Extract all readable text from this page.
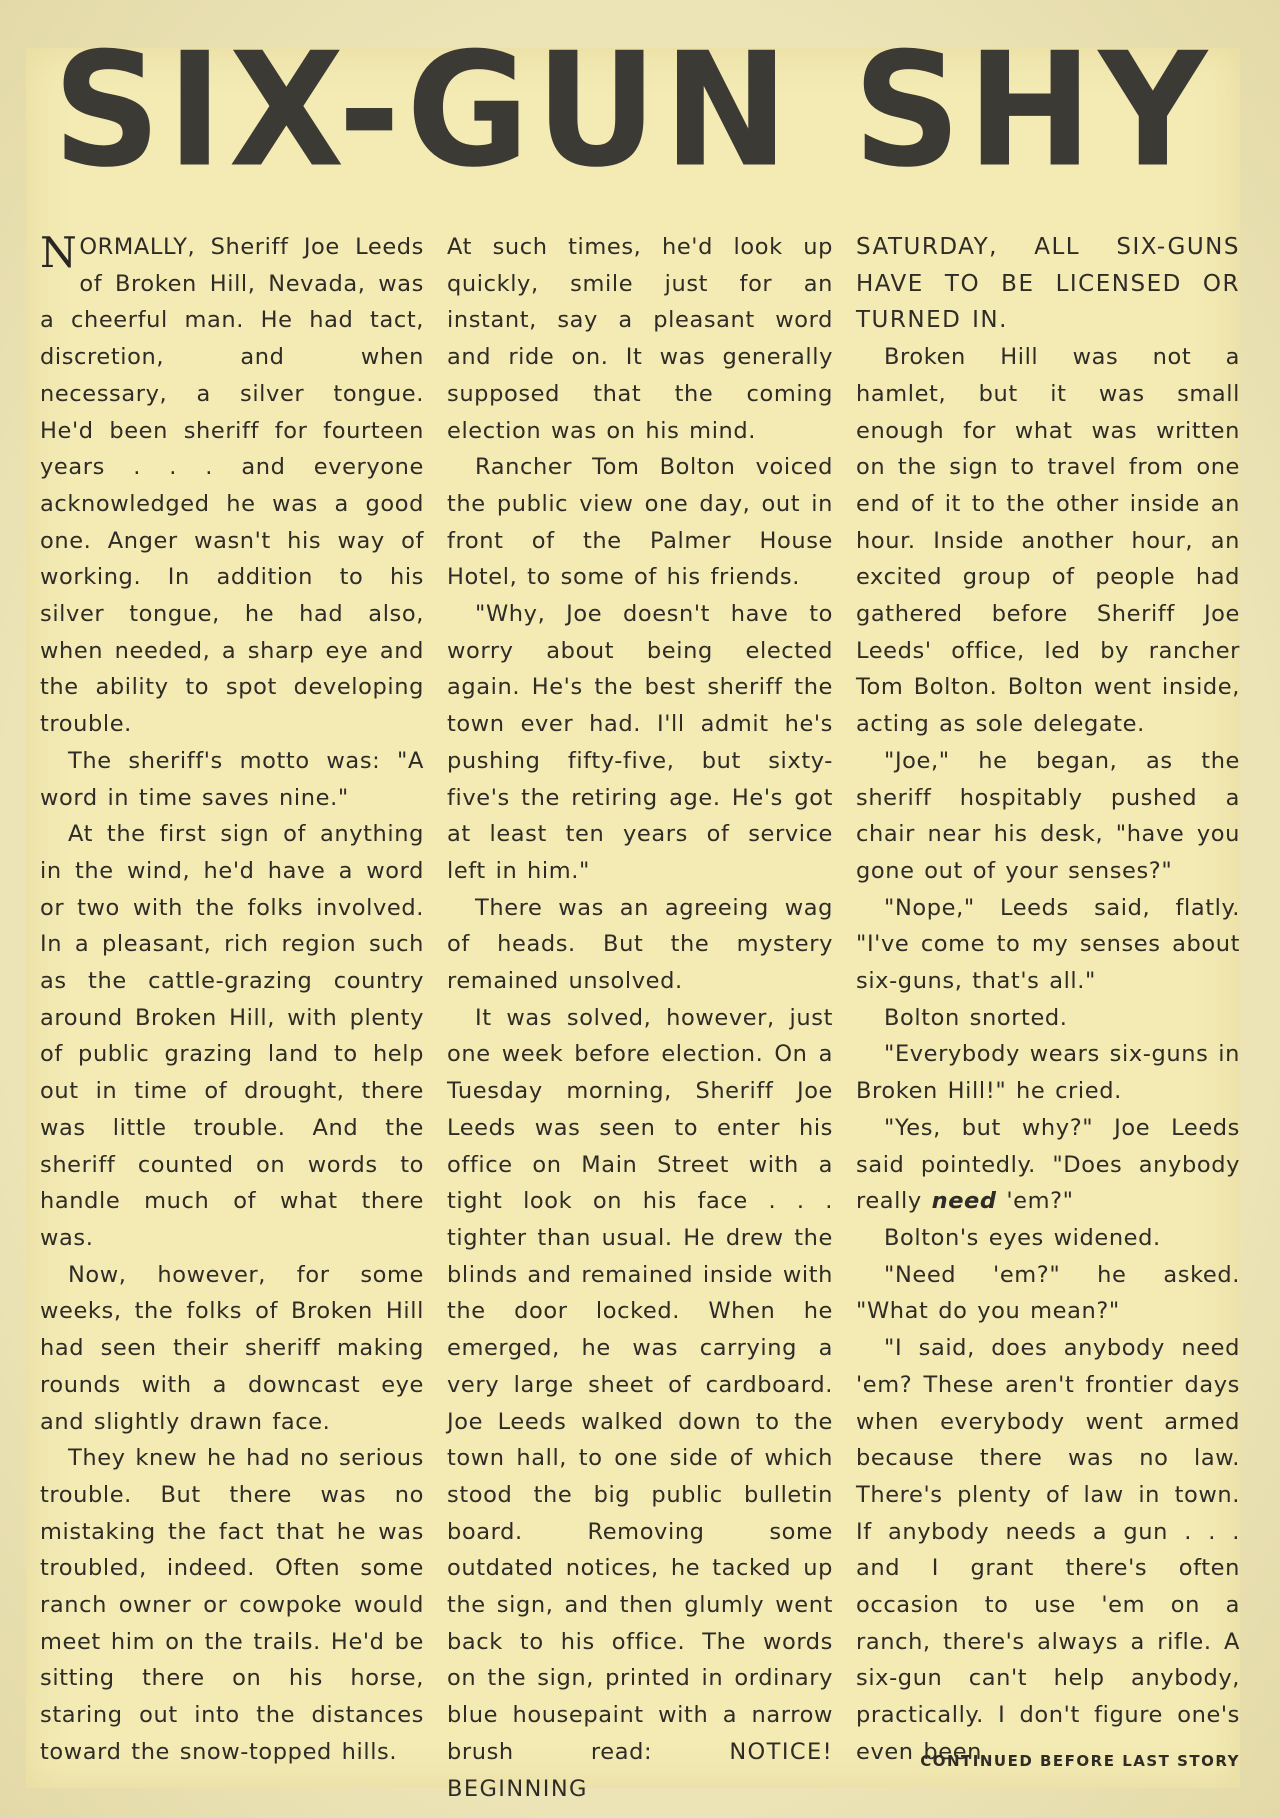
SIX-GUN SHY

NORMALLY, Sheriff Joe Leeds of Broken Hill, Nevada, was a cheerful man. He had tact, discretion, and when necessary, a silver tongue. He'd been sheriff for fourteen years . . . and everyone acknowledged he was a good one. Anger wasn't his way of working. In addition to his silver tongue, he had also, when needed, a sharp eye and the ability to spot developing trouble.

The sheriff's motto was: "A word in time saves nine."

At the first sign of anything in the wind, he'd have a word or two with the folks involved. In a pleasant, rich region such as the cattle-grazing country around Broken Hill, with plenty of public grazing land to help out in time of drought, there was little trouble. And the sheriff counted on words to handle much of what there was.

Now, however, for some weeks, the folks of Broken Hill had seen their sheriff making rounds with a downcast eye and slightly drawn face.

They knew he had no serious trouble. But there was no mistaking the fact that he was troubled, indeed. Often some ranch owner or cowpoke would meet him on the trails. He'd be sitting there on his horse, staring out into the distances toward the snow-topped hills.

At such times, he'd look up quickly, smile just for an instant, say a pleasant word and ride on. It was generally supposed that the coming election was on his mind.

Rancher Tom Bolton voiced the public view one day, out in front of the Palmer House Hotel, to some of his friends.

"Why, Joe doesn't have to worry about being elected again. He's the best sheriff the town ever had. I'll admit he's pushing fifty-five, but sixty-five's the retiring age. He's got at least ten years of service left in him."

There was an agreeing wag of heads. But the mystery remained unsolved.

It was solved, however, just one week before election. On a Tuesday morning, Sheriff Joe Leeds was seen to enter his office on Main Street with a tight look on his face . . . tighter than usual. He drew the blinds and remained inside with the door locked. When he emerged, he was carrying a very large sheet of cardboard. Joe Leeds walked down to the town hall, to one side of which stood the big public bulletin board. Removing some outdated notices, he tacked up the sign, and then glumly went back to his office. The words on the sign, printed in ordinary blue housepaint with a narrow brush read:	NOTICE! BEGINNING

SATURDAY, ALL SIX-GUNS HAVE TO BE LICENSED OR TURNED IN.

Broken Hill was not a hamlet, but it was small enough for what was written on the sign to travel from one end of it to the other inside an hour. Inside another hour, an excited group of people had gathered before Sheriff Joe Leeds' office, led by rancher Tom Bolton. Bolton went inside, acting as sole delegate.

"Joe," he began, as the sheriff hospitably pushed a chair near his desk, "have you gone out of your senses?"

"Nope," Leeds said, flatly. "I've come to my senses about six-guns, that's all."

Bolton snorted.

"Everybody wears six-guns in Broken Hill!" he cried.

"Yes, but why?" Joe Leeds said pointedly. "Does anybody really need 'em?"

Bolton's eyes widened.

"Need 'em?" he asked. "What do you mean?"

"I said, does anybody need 'em? These aren't frontier days when everybody went armed because there was no law. There's plenty of law in town. If anybody needs a gun . . . and I grant there's often occasion to use 'em on a ranch, there's always a rifle. A six-gun can't help anybody, practically. I don't figure one's even been

CONTINUED BEFORE LAST STORY
